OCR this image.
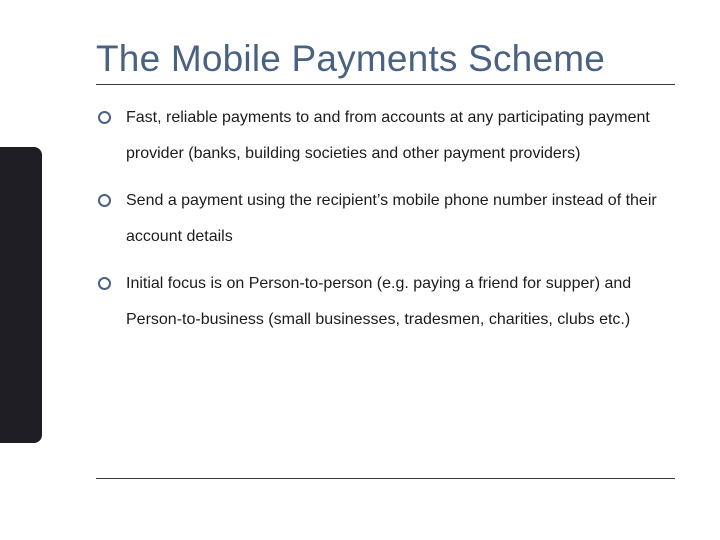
The Mobile Payments Scheme
Fast, reliable payments to and from accounts at any participating payment provider (banks, building societies and other payment providers)
Send a payment using the recipient’s mobile phone number instead of their account details
Initial focus is on Person-to-person (e.g. paying a friend for supper) and Person-to-business (small businesses, tradesmen, charities, clubs etc.)
